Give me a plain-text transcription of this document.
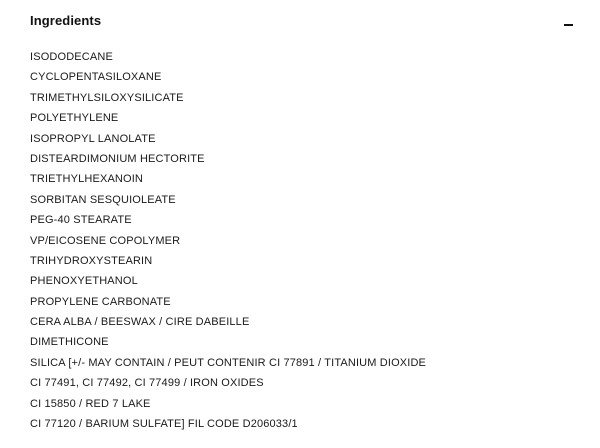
Ingredients
ISODODECANE
CYCLOPENTASILOXANE
TRIMETHYLSILOXYSILICATE
POLYETHYLENE
ISOPROPYL LANOLATE
DISTEARDIMONIUM HECTORITE
TRIETHYLHEXANOIN
SORBITAN SESQUIOLEATE
PEG-40 STEARATE
VP/EICOSENE COPOLYMER
TRIHYDROXYSTEARIN
PHENOXYETHANOL
PROPYLENE CARBONATE
CERA ALBA / BEESWAX / CIRE DABEILLE
DIMETHICONE
SILICA [+/- MAY CONTAIN / PEUT CONTENIR CI 77891 / TITANIUM DIOXIDE
CI 77491, CI 77492, CI 77499 / IRON OXIDES
CI 15850 / RED 7 LAKE
CI 77120 / BARIUM SULFATE] FIL CODE D206033/1
